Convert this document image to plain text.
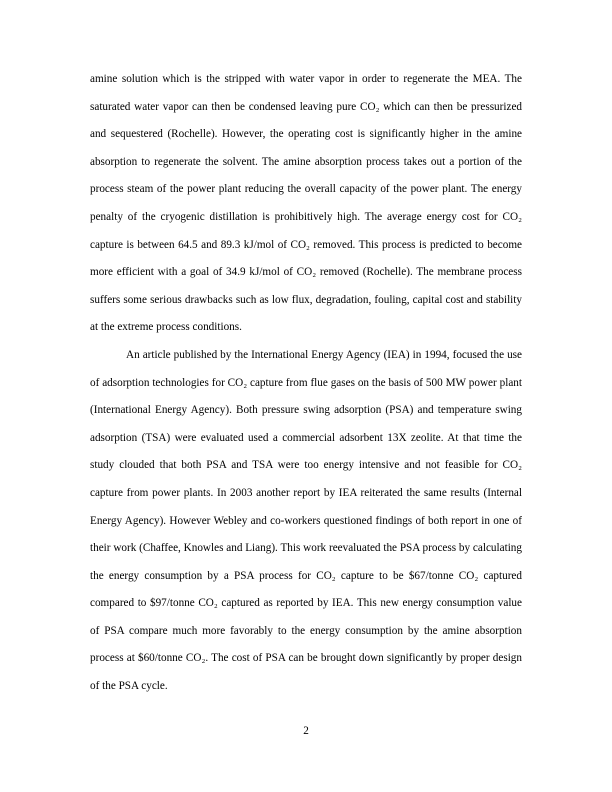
amine solution which is the stripped with water vapor in order to regenerate the MEA. The saturated water vapor can then be condensed leaving pure CO₂ which can then be pressurized and sequestered (Rochelle). However, the operating cost is significantly higher in the amine absorption to regenerate the solvent. The amine absorption process takes out a portion of the process steam of the power plant reducing the overall capacity of the power plant. The energy penalty of the cryogenic distillation is prohibitively high. The average energy cost for CO₂ capture is between 64.5 and 89.3 kJ/mol of CO₂ removed. This process is predicted to become more efficient with a goal of 34.9 kJ/mol of CO₂ removed (Rochelle). The membrane process suffers some serious drawbacks such as low flux, degradation, fouling, capital cost and stability at the extreme process conditions.

An article published by the International Energy Agency (IEA) in 1994, focused the use of adsorption technologies for CO₂ capture from flue gases on the basis of 500 MW power plant (International Energy Agency). Both pressure swing adsorption (PSA) and temperature swing adsorption (TSA) were evaluated used a commercial adsorbent 13X zeolite. At that time the study clouded that both PSA and TSA were too energy intensive and not feasible for CO₂ capture from power plants. In 2003 another report by IEA reiterated the same results (Internal Energy Agency). However Webley and co-workers questioned findings of both report in one of their work (Chaffee, Knowles and Liang). This work reevaluated the PSA process by calculating the energy consumption by a PSA process for CO₂ capture to be $67/tonne CO₂ captured compared to $97/tonne CO₂ captured as reported by IEA. This new energy consumption value of PSA compare much more favorably to the energy consumption by the amine absorption process at $60/tonne CO₂. The cost of PSA can be brought down significantly by proper design of the PSA cycle.

2
